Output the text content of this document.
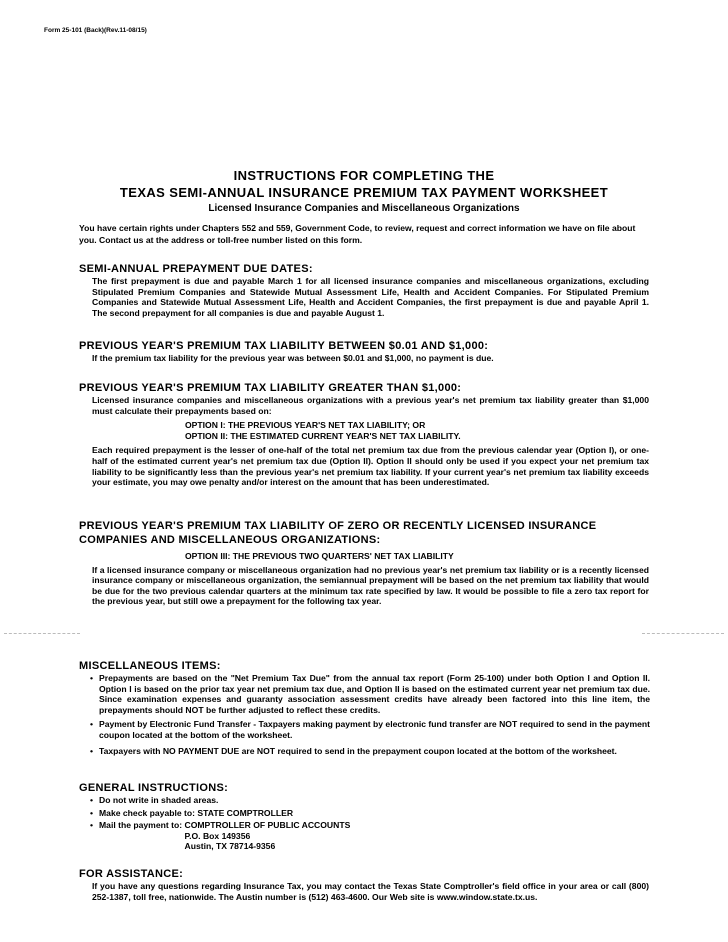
Form 25-101 (Back)(Rev.11-08/15)
INSTRUCTIONS FOR COMPLETING THE
TEXAS SEMI-ANNUAL INSURANCE PREMIUM TAX PAYMENT WORKSHEET
Licensed Insurance Companies and Miscellaneous Organizations
You have certain rights under Chapters 552 and 559, Government Code, to review, request and correct information we have on file about you. Contact us at the address or toll-free number listed on this form.
SEMI-ANNUAL PREPAYMENT DUE DATES:
The first prepayment is due and payable March 1 for all licensed insurance companies and miscellaneous organizations, excluding Stipulated Premium Companies and Statewide Mutual Assessment Life, Health and Accident Companies. For Stipulated Premium Companies and Statewide Mutual Assessment Life, Health and Accident Companies, the first prepayment is due and payable April 1. The second prepayment for all companies is due and payable August 1.
PREVIOUS YEAR'S PREMIUM TAX LIABILITY BETWEEN $0.01 AND $1,000:
If the premium tax liability for the previous year was between $0.01 and $1,000, no payment is due.
PREVIOUS YEAR'S PREMIUM TAX LIABILITY GREATER THAN $1,000:
Licensed insurance companies and miscellaneous organizations with a previous year's net premium tax liability greater than $1,000 must calculate their prepayments based on:
OPTION I: THE PREVIOUS YEAR'S NET TAX LIABILITY; OR
OPTION II: THE ESTIMATED CURRENT YEAR'S NET TAX LIABILITY.
Each required prepayment is the lesser of one-half of the total net premium tax due from the previous calendar year (Option I), or one-half of the estimated current year's net premium tax due (Option II). Option II should only be used if you expect your net premium tax liability to be significantly less than the previous year's net premium tax liability. If your current year's net premium tax liability exceeds your estimate, you may owe penalty and/or interest on the amount that has been underestimated.
PREVIOUS YEAR'S PREMIUM TAX LIABILITY OF ZERO OR RECENTLY LICENSED INSURANCE COMPANIES AND MISCELLANEOUS ORGANIZATIONS:
OPTION III: THE PREVIOUS TWO QUARTERS' NET TAX LIABILITY
If a licensed insurance company or miscellaneous organization had no previous year's net premium tax liability or is a recently licensed insurance company or miscellaneous organization, the semiannual prepayment will be based on the net premium tax liability that would be due for the two previous calendar quarters at the minimum tax rate specified by law. It would be possible to file a zero tax report for the previous year, but still owe a prepayment for the following tax year.
MISCELLANEOUS ITEMS:
• Prepayments are based on the "Net Premium Tax Due" from the annual tax report (Form 25-100) under both Option I and Option II. Option I is based on the prior tax year net premium tax due, and Option II is based on the estimated current year net premium tax due. Since examination expenses and guaranty association assessment credits have already been factored into this line item, the prepayments should NOT be further adjusted to reflect these credits.
• Payment by Electronic Fund Transfer - Taxpayers making payment by electronic fund transfer are NOT required to send in the payment coupon located at the bottom of the worksheet.
• Taxpayers with NO PAYMENT DUE are NOT required to send in the prepayment coupon located at the bottom of the worksheet.
GENERAL INSTRUCTIONS:
• Do not write in shaded areas.
• Make check payable to: STATE COMPTROLLER
• Mail the payment to: COMPTROLLER OF PUBLIC ACCOUNTS
P.O. Box 149356
Austin, TX 78714-9356
FOR ASSISTANCE:
If you have any questions regarding Insurance Tax, you may contact the Texas State Comptroller's field office in your area or call (800) 252-1387, toll free, nationwide. The Austin number is (512) 463-4600. Our Web site is www.window.state.tx.us.
